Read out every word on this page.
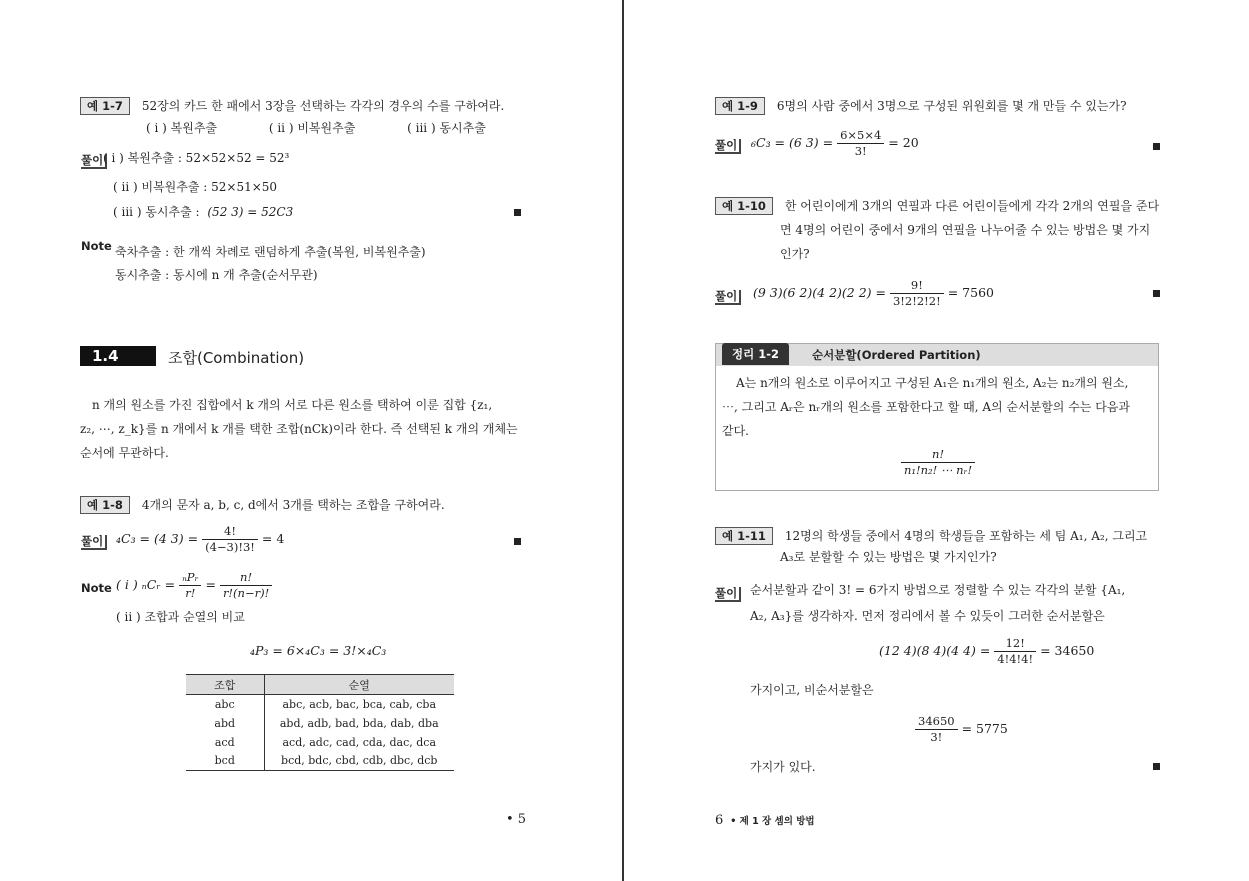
예 1-7 52장의 카드 한 패에서 3장을 선택하는 각각의 경우의 수를 구하여라.
( i ) 복원추출	( ii ) 비복원추출	( iii ) 동시추출
풀이 ( i ) 복원추출 : 52×52×52 = 52³
( ii ) 비복원추출 : 52×51×50
( iii ) 동시추출 : (52 3) = 52C3
Note 축차추출 : 한 개씩 차례로 랜덤하게 추출(복원, 비복원추출)
동시추출 : 동시에 n 개 추출(순서무관)
1.4	조합(Combination)
n 개의 원소를 가진 집합에서 k 개의 서로 다른 원소를 택하여 이룬 집합 {z₁,
z₂, ⋯, z_k}를 n 개에서 k 개를 택한 조합(nCk)이라 한다. 즉 선택된 k 개의 개체는
순서에 무관하다.
예 1-8 4개의 문자 a, b, c, d에서 3개를 택하는 조합을 구하여라.
풀이	₄C₃ = (4 $3) = \frac{4!}{(4-3)!3!} = 4$
Note ( i ) ₙCᵣ = $\frac{\text{ₙPᵣ}}{r!} = \frac{n!}{r!(n-r)!}$
( ii ) 조합과 순열의 비교
₄P₃ = 6×₄C₃ = 3!×₄C₃
조합	순열
abc	abc, acb, bac, bca, cab, cba
abd	abd, adb, bad, bda, dab, dba
acd	acd, adc, cad, cda, dac, dca
bcd	bcd, bdc, cbd, cdb, dbc, dcb
• 5
예 1-9 6명의 사람 중에서 3명으로 구성된 위원회를 몇 개 만들 수 있는가?
풀이	₆C₃ = (6 $3) = \frac{6\times 5\times 4}{3!} = 20$
예 1-10 한 어린이에게 3개의 연필과 다른 어린이들에게 각각 2개의 연필을 준다
면 4명의 어린이 중에서 9개의 연필을 나누어줄 수 있는 방법은 몇 가지
인가?
풀이	(9 3)(6 2)(4 2)(2 $2) = \frac{9!}{3!2!2!2!} = 7560$
정리 1-2	순서분할(Ordered Partition)
A는 n개의 원소로 이루어지고 구성된 A₁은 n₁개의 원소, A₂는 n₂개의 원소,
⋯, 그리고 Aᵣ은 nᵣ개의 원소를 포함한다고 할 때, A의 순서분할의 수는 다음과
같다.
$\frac{n!}{\text{n₁!n₂! ⋯ nᵣ!}}$
예 1-11 12명의 학생들 중에서 4명의 학생들을 포함하는 세 팀 A₁, A₂, 그리고
A₃로 분할할 수 있는 방법은 몇 가지인가?
풀이	순서분할과 같이 3! = 6가지 방법으로 정렬할 수 있는 각각의 분할 {A₁,
A₂, A₃}를 생각하자. 먼저 정리에서 볼 수 있듯이 그러한 순서분할은
(12 4)(8 4)(4 $4) = \frac{12!}{4!4!4!} = 34650$
가지이고, 비순서분할은
$\frac{34650}{3!} = 5775$
가지가 있다.
6 • 제 1 장 셈의 방법
